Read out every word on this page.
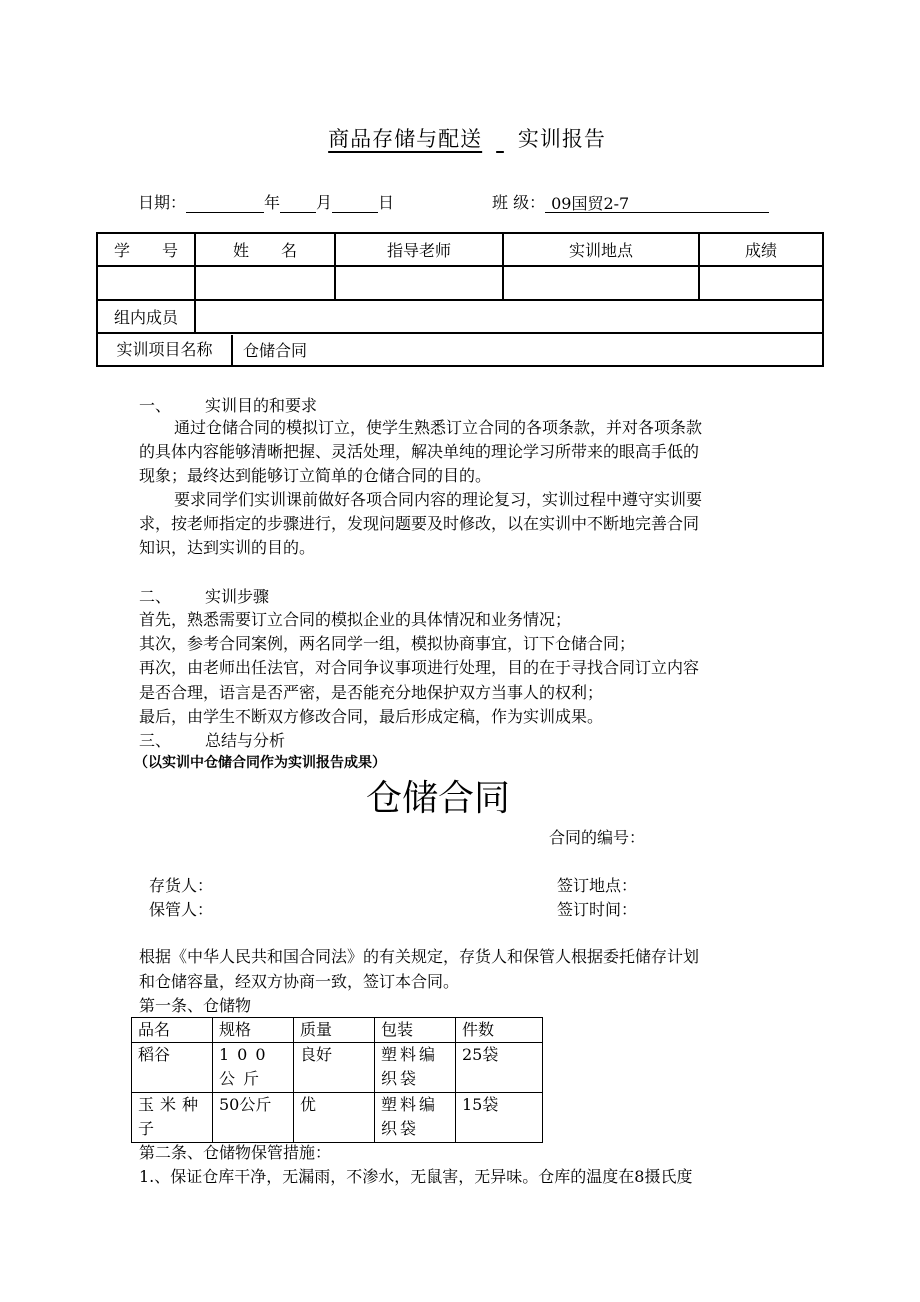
商品存储与配送 实训报告
日期：	年 月	日	班 级： 09国贸2-7
学　　号	姓　　名	指导老师	实训地点	成绩

组内成员				

实训项目名称 仓储合同				
一、 实训目的和要求
通过仓储合同的模拟订立，使学生熟悉订立合同的各项条款，并对各项条款
的具体内容能够清晰把握、灵活处理，解决单纯的理论学习所带来的眼高手低的
现象；最终达到能够订立简单的仓储合同的目的。
要求同学们实训课前做好各项合同内容的理论复习，实训过程中遵守实训要
求，按老师指定的步骤进行，发现问题要及时修改，以在实训中不断地完善合同
知识，达到实训的目的。
二、 实训步骤
首先，熟悉需要订立合同的模拟企业的具体情况和业务情况；
其次，参考合同案例，两名同学一组，模拟协商事宜，订下仓储合同；
再次，由老师出任法官，对合同争议事项进行处理，目的在于寻找合同订立内容
是否合理，语言是否严密，是否能充分地保护双方当事人的权利；
最后，由学生不断双方修改合同，最后形成定稿，作为实训成果。
三、 总结与分析
（以实训中仓储合同作为实训报告成果）
仓储合同
合同的编号：
存货人：	签订地点：
保管人：	签订时间：
根据《中华人民共和国合同法》的有关规定，存货人和保管人根据委托储存计划
和仓储容量，经双方协商一致，签订本合同。
第一条、仓储物
品名	规格	质量	包装	件数
稻谷	100 公斤	良好	塑料编织袋	25袋
玉米种子	50公斤	优	塑料编织袋	15袋
第二条、仓储物保管措施：
1.、保证仓库干净，无漏雨，不渗水，无鼠害，无异味。仓库的温度在8摄氏度
